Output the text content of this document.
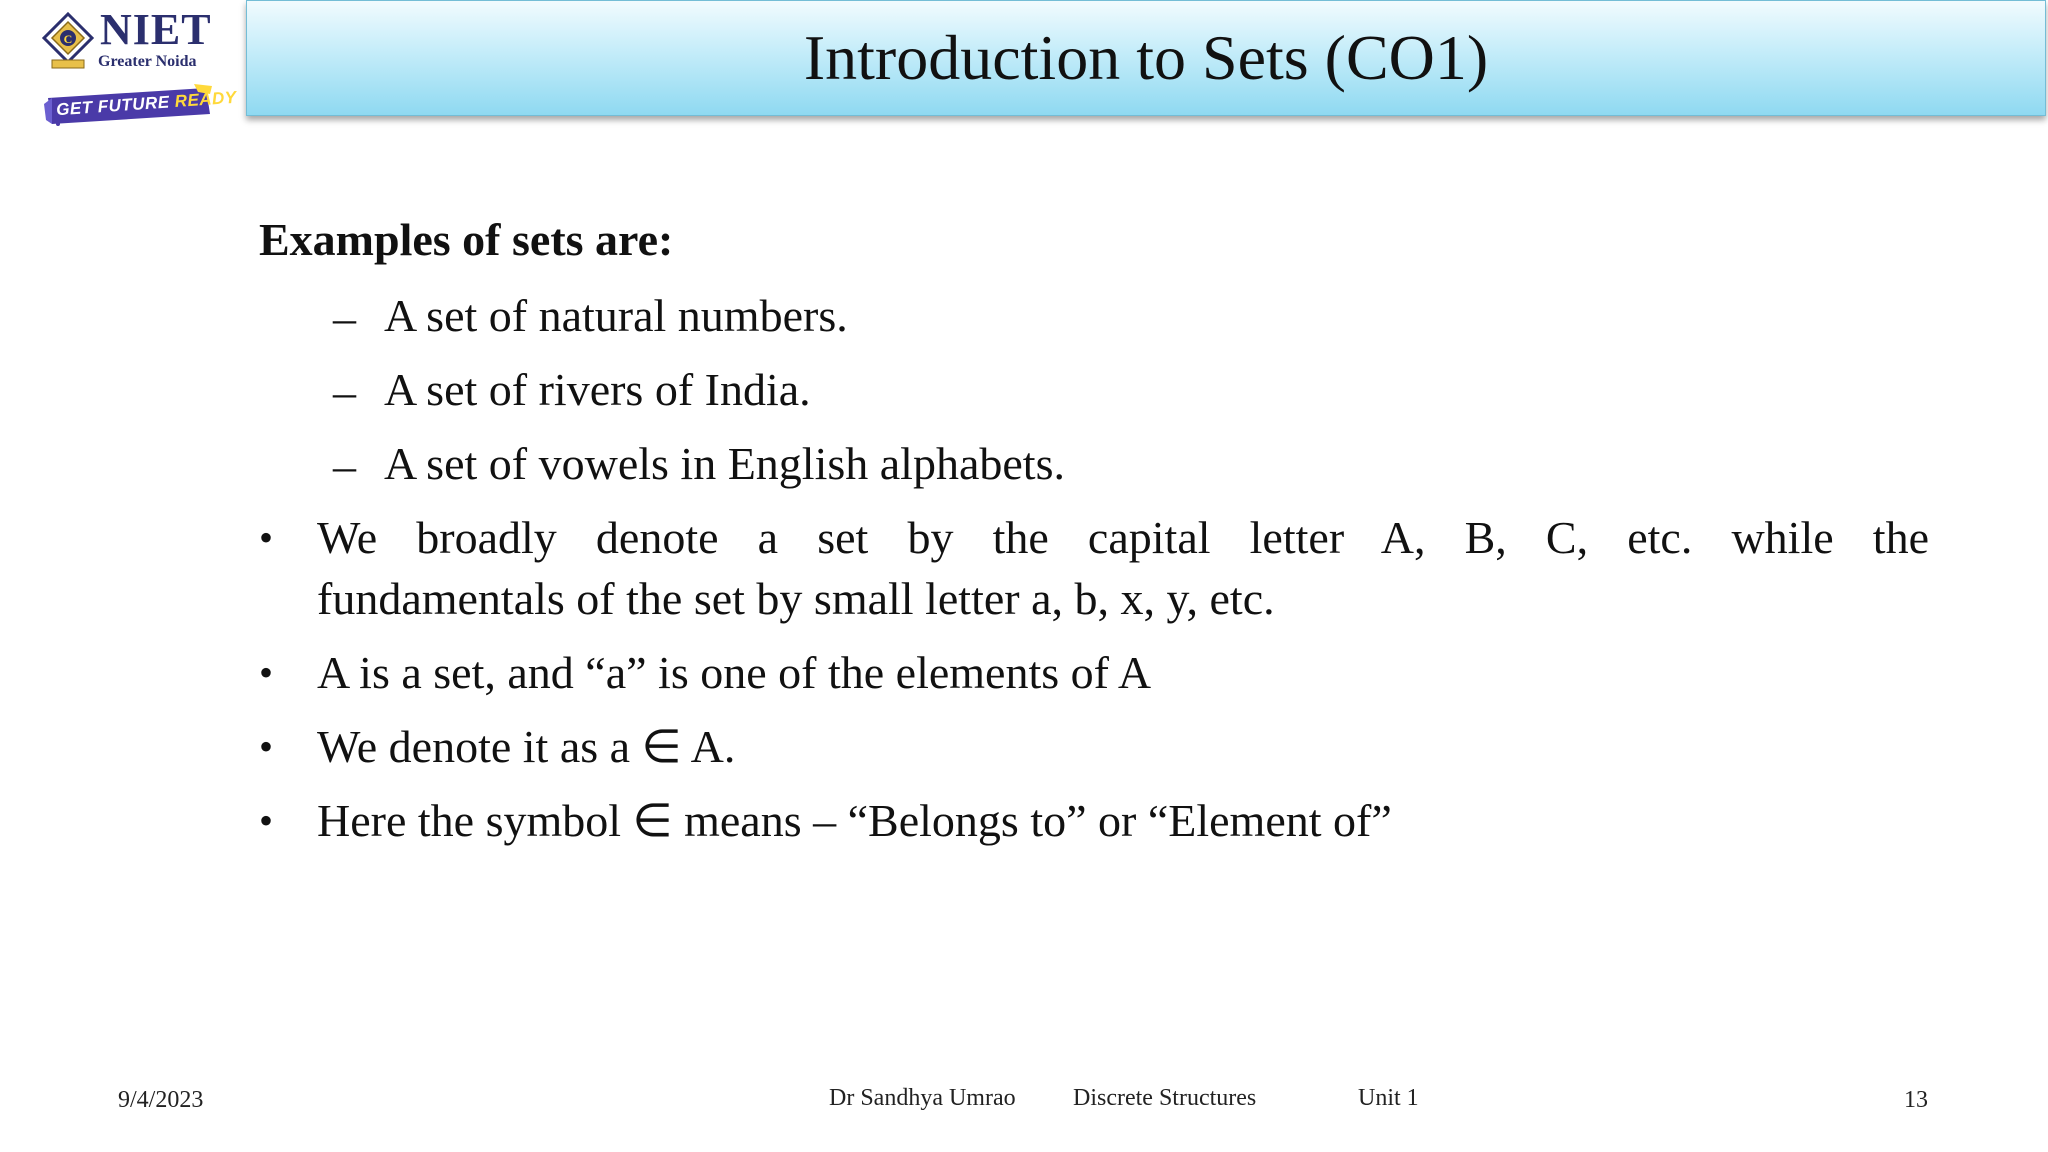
C NIET
Greater Noida
GET FUTURE READY
Introduction to Sets (CO1)
Examples of sets are:
– A set of natural numbers.
– A set of rivers of India.
– A set of vowels in English alphabets.
• We broadly denote a set by the capital letter A, B, C, etc. while the
fundamentals of the set by small letter a, b, x, y, etc.
• A is a set, and “a” is one of the elements of A
• We denote it as a ∈ A.
• Here the symbol ∈ means – “Belongs to” or “Element of”
9/4/2023	Dr Sandhya Umrao Discrete Structures	Unit 1	13
